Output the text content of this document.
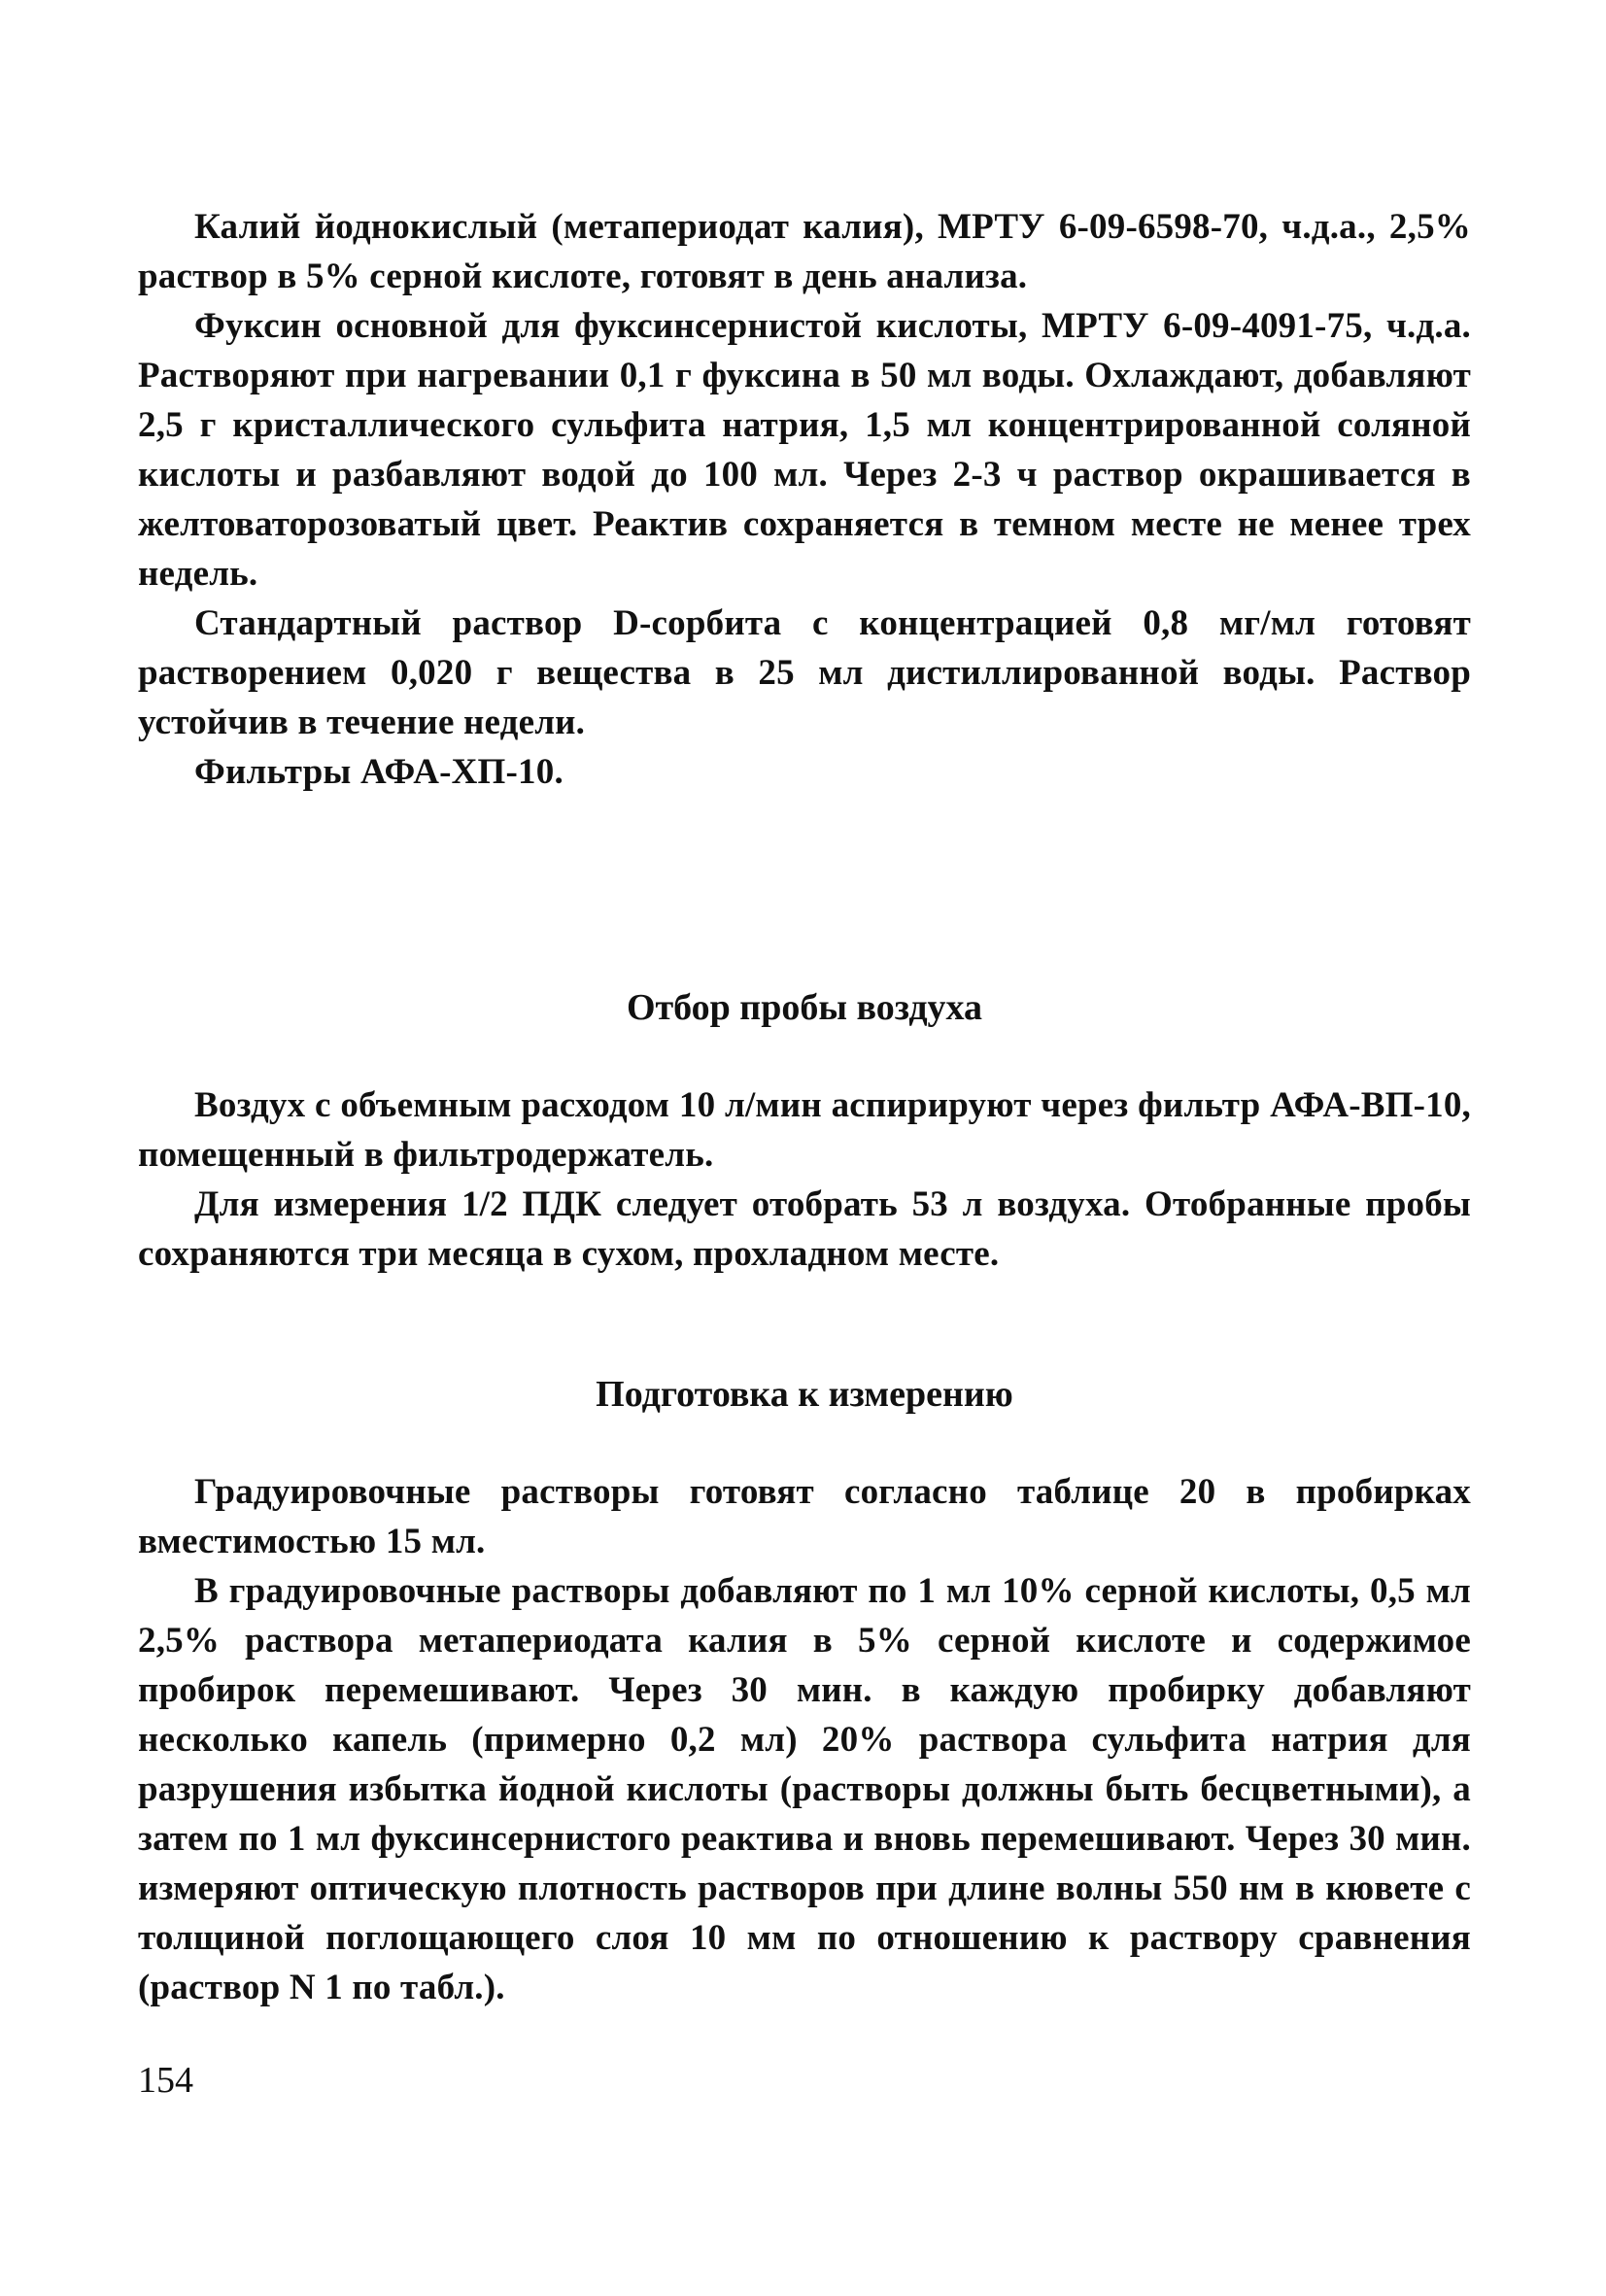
Калий йоднокислый (метапериодат калия), МРТУ 6-09-6598-70, ч.д.а., 2,5% раствор в 5% серной кислоте, готовят в день анализа.

Фуксин основной для фуксинсернистой кислоты, МРТУ 6-09-4091-75, ч.д.а. Растворяют при нагревании 0,1 г фуксина в 50 мл воды. Охлаждают, добавляют 2,5 г кристаллического сульфита натрия, 1,5 мл концентрированной соляной кислоты и разбавляют водой до 100 мл. Через 2-3 ч раствор окрашивается в желтоваторозоватый цвет. Реактив сохраняется в темном месте не менее трех недель.

Стандартный раствор D-сорбита с концентрацией 0,8 мг/мл готовят растворением 0,020 г вещества в 25 мл дистиллированной воды. Раствор устойчив в течение недели.

Фильтры АФА-ХП-10.

Отбор пробы воздуха

Воздух с объемным расходом 10 л/мин аспирируют через фильтр АФА-ВП-10, помещенный в фильтродержатель.

Для измерения 1/2 ПДК следует отобрать 53 л воздуха. Отобранные пробы сохраняются три месяца в сухом, прохладном месте.

Подготовка к измерению

Градуировочные растворы готовят согласно таблице 20 в пробирках вместимостью 15 мл.

В градуировочные растворы добавляют по 1 мл 10% серной кислоты, 0,5 мл 2,5% раствора метапериодата калия в 5% серной кислоте и содержимое пробирок перемешивают. Через 30 мин. в каждую пробирку добавляют несколько капель (примерно 0,2 мл) 20% раствора сульфита натрия для разрушения избытка йодной кислоты (растворы должны быть бесцветными), а затем по 1 мл фуксинсернистого реактива и вновь перемешивают. Через 30 мин. измеряют оптическую плотность растворов при длине волны 550 нм в кювете с толщиной поглощающего слоя 10 мм по отношению к раствору сравнения (раствор N 1 по табл.).

154
